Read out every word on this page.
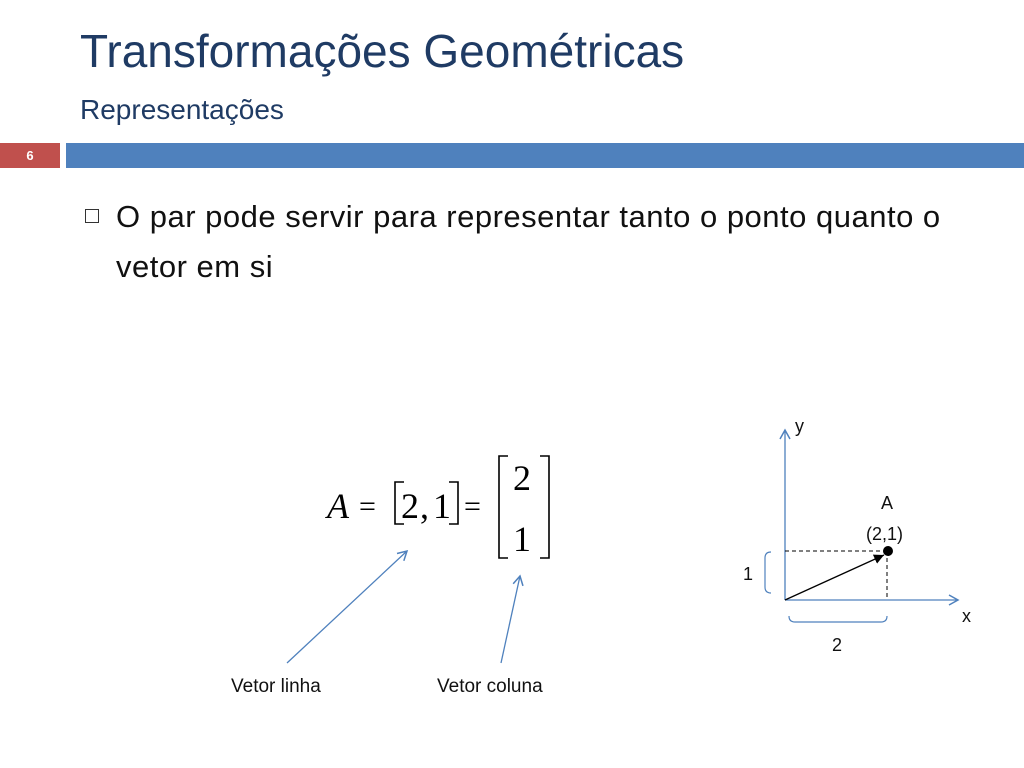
Transformações Geométricas
Representações
6
O par pode servir para representar tanto o ponto quanto o vetor em si
A = 2 , 1 =
2
1
Vetor linha	Vetor coluna
y
x
A
(2,1)
1
2
